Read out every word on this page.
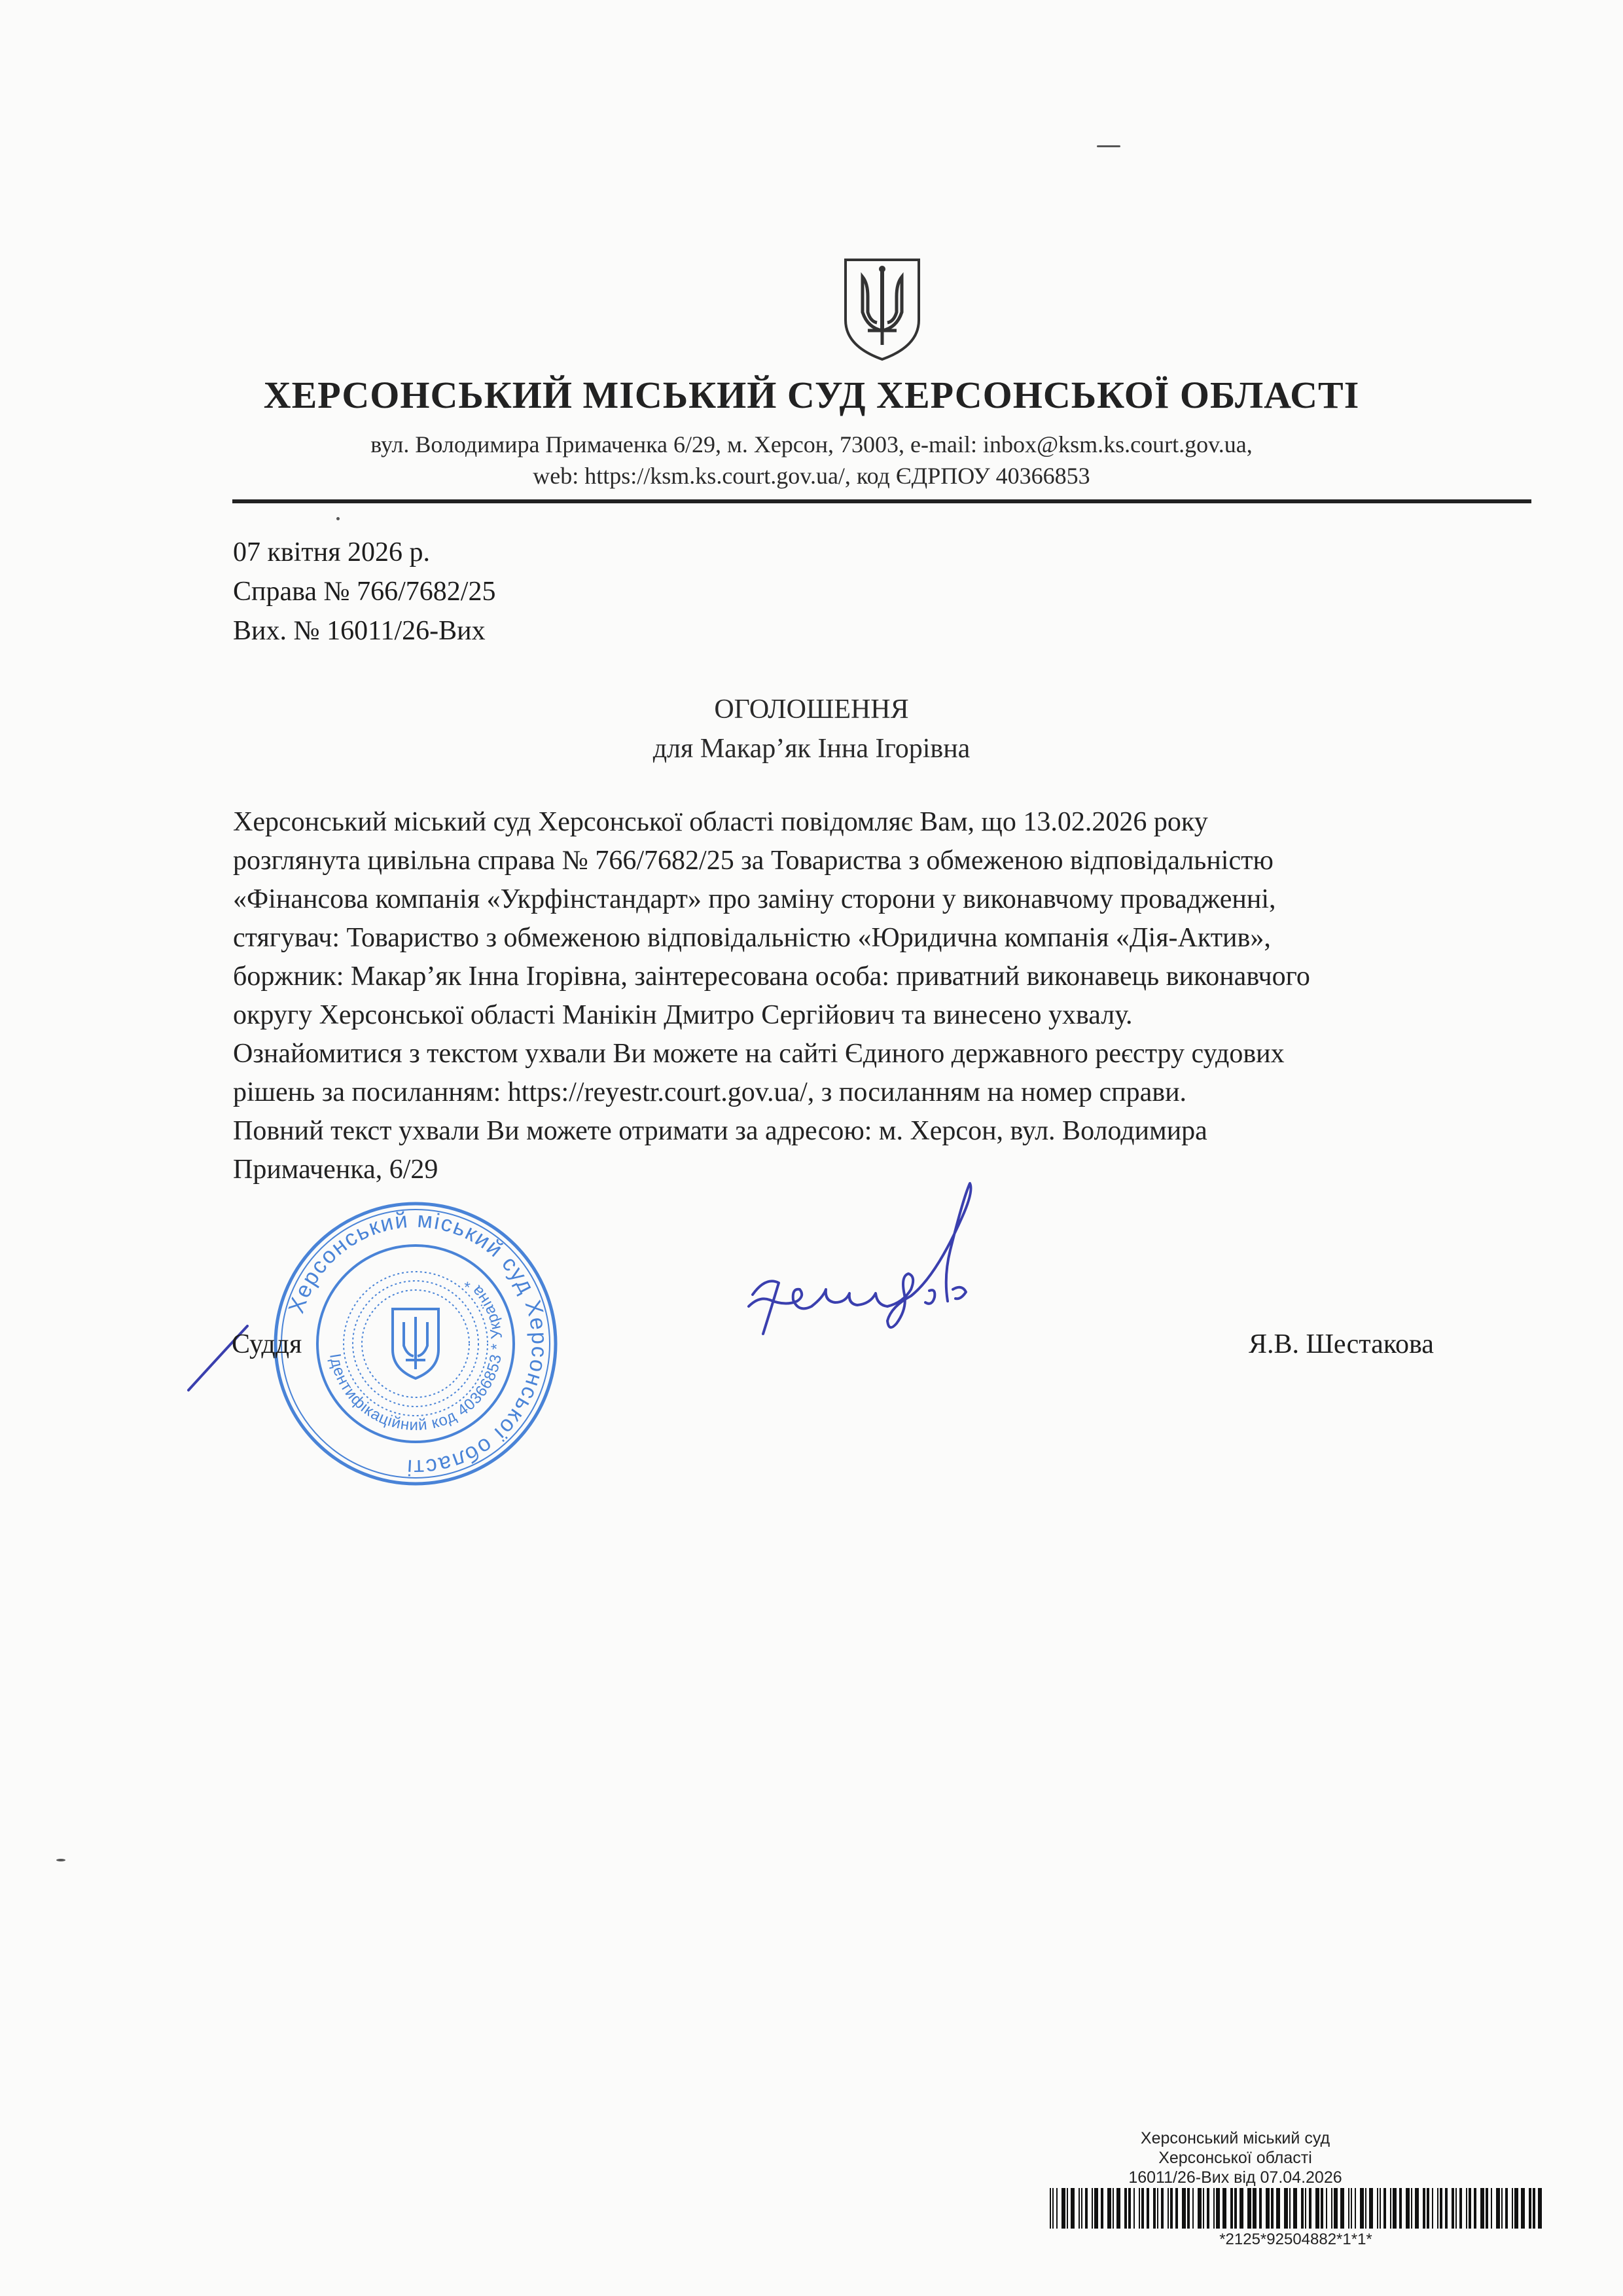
ХЕРСОНСЬКИЙ МІСЬКИЙ СУД ХЕРСОНСЬКОЇ ОБЛАСТІ
вул. Володимира Примачeнка 6/29, м. Херсон, 73003, e-mail: inbox@ksm.ks.court.gov.ua,
web: https://ksm.ks.court.gov.ua/, код ЄДРПОУ 40366853
07 квітня 2026 р.
Справа № 766/7682/25
Вих. № 16011/26-Вих
ОГОЛОШЕННЯ
для Макар’як Інна Ігорівна
Херсонський міський суд Херсонської області повідомляє Вам, що 13.02.2026 року
розглянута цивільна справа № 766/7682/25 за Товариства з обмеженою відповідальністю
«Фінансова компанія «Укрфінстандарт» про заміну сторони у виконавчому провадженні,
стягувач: Товариство з обмеженою відповідальністю «Юридична компанія «Дія-Актив»,
боржник: Макар’як Інна Ігорівна, заінтересована особа: приватний виконавець виконавчого
округу Херсонської області Манікін Дмитро Сергійович та винесено ухвалу.
Ознайомитися з текстом ухвали Ви можете на сайті Єдиного державного реєстру судових
рішень за посиланням: https://reyestr.court.gov.ua/, з посиланням на номер справи.
Повний текст ухвали Ви можете отримати за адресою: м. Херсон, вул. Володимира
Примаченка, 6/29
Херсонський міський суд Херсонської області
Ідентифікаційний код 40366853 * Україна *
Суддя	Я.В. Шестакова
Херсонський міський суд
Херсонської області
16011/26-Вих від 07.04.2026
*2125*92504882*1*1*
